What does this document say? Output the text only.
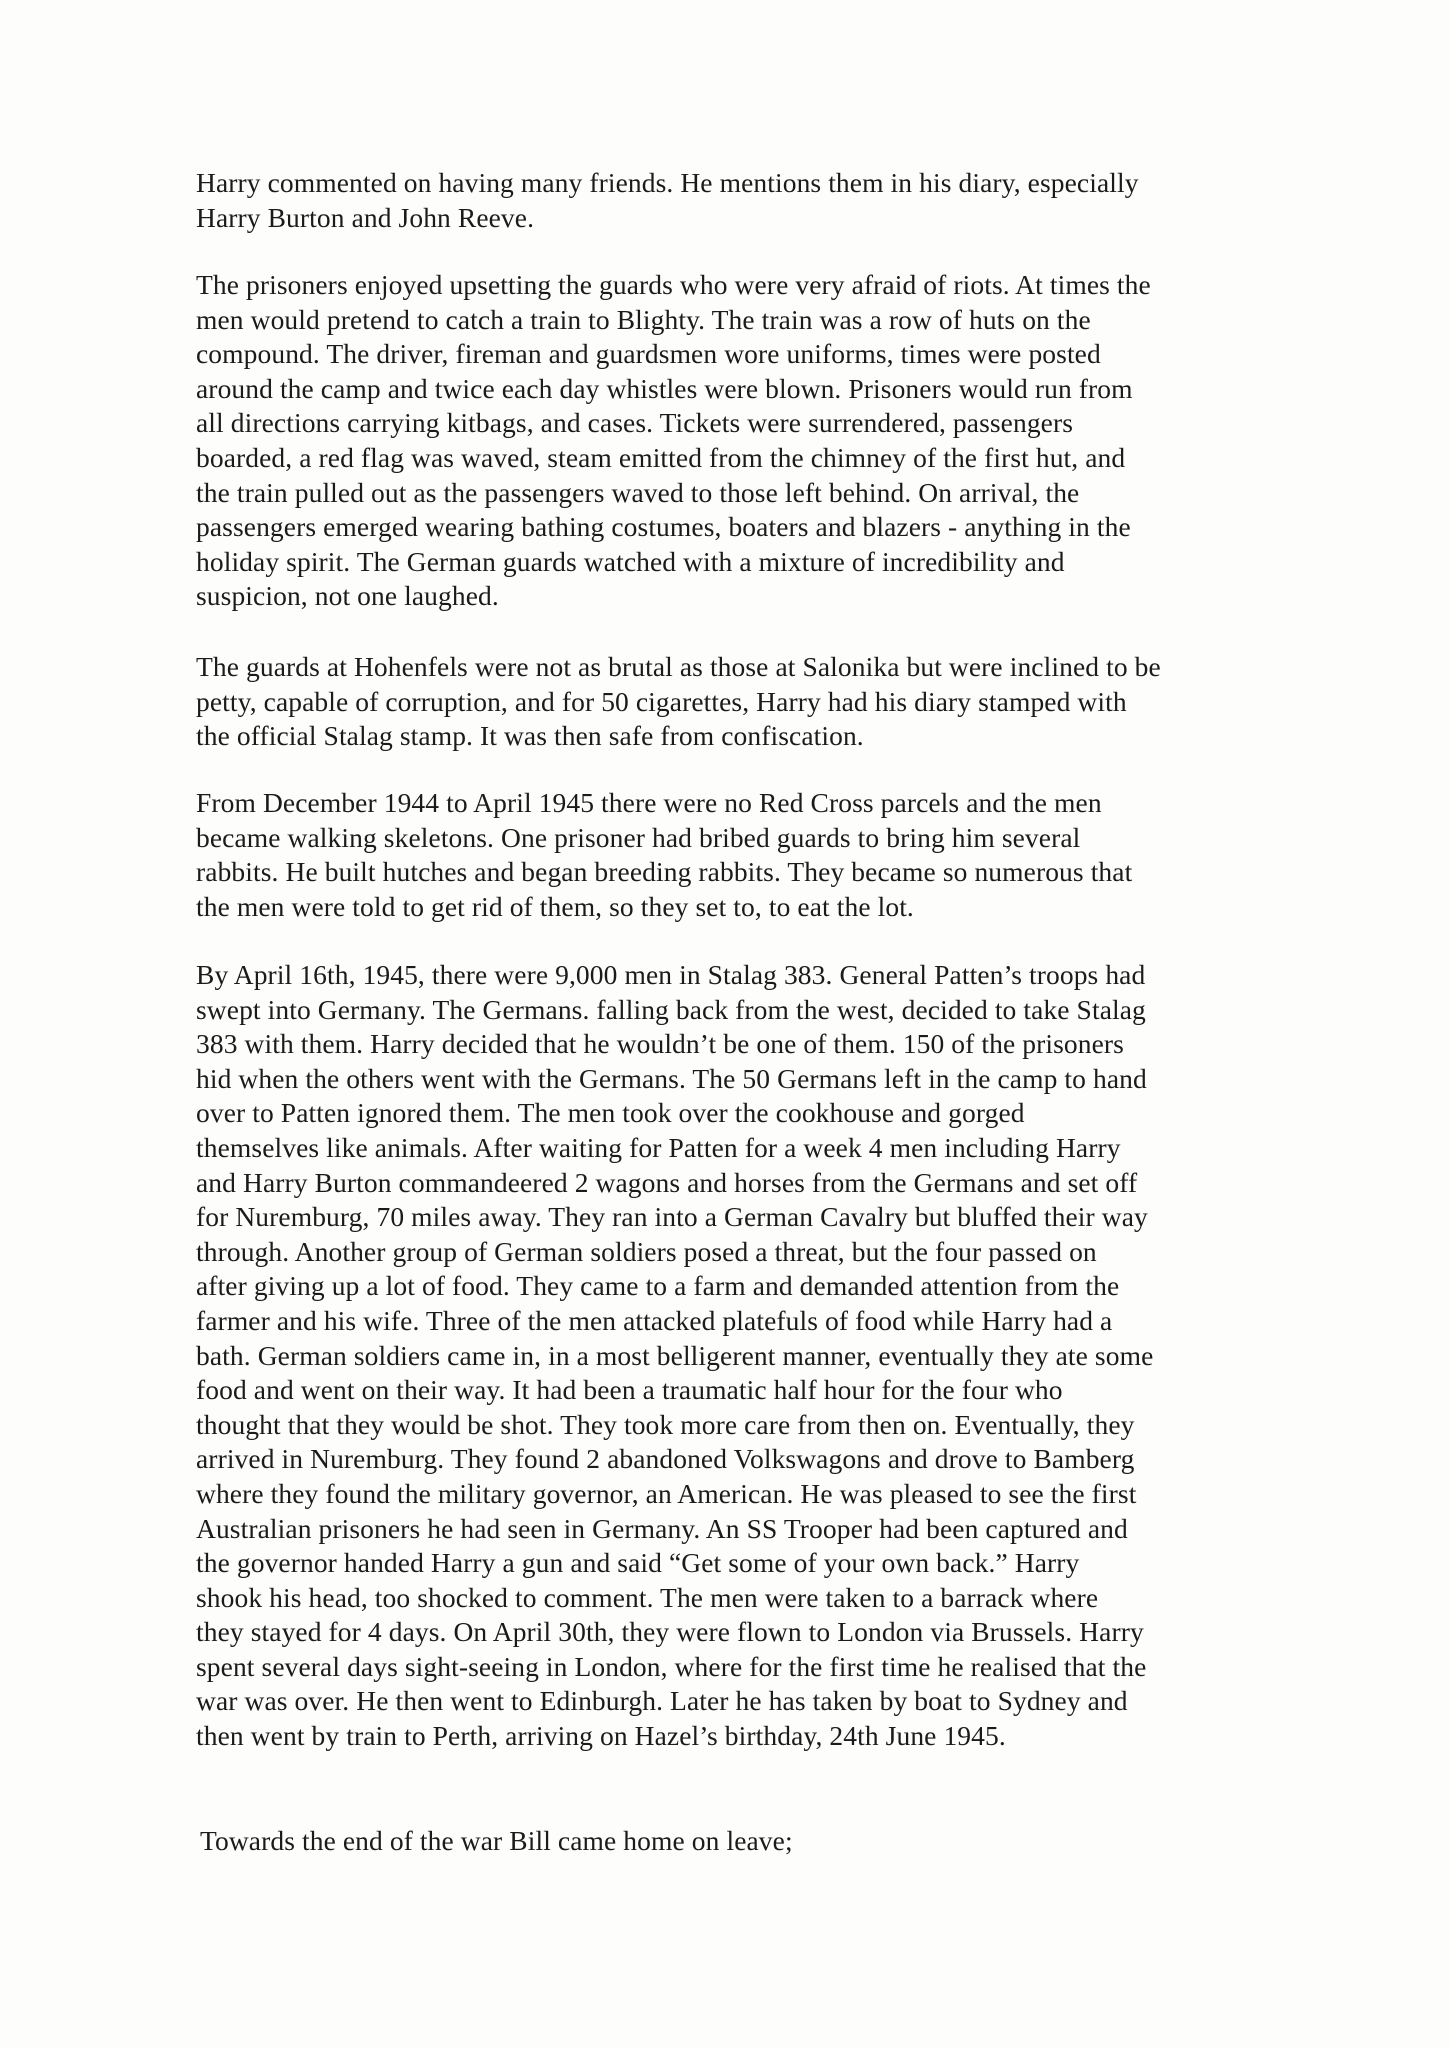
Harry commented on having many friends. He mentions them in his diary, especially
Harry Burton and John Reeve.

The prisoners enjoyed upsetting the guards who were very afraid of riots. At times the
men would pretend to catch a train to Blighty. The train was a row of huts on the
compound. The driver, fireman and guardsmen wore uniforms, times were posted
around the camp and twice each day whistles were blown. Prisoners would run from
all directions carrying kitbags, and cases. Tickets were surrendered, passengers
boarded, a red flag was waved, steam emitted from the chimney of the first hut, and
the train pulled out as the passengers waved to those left behind. On arrival, the
passengers emerged wearing bathing costumes, boaters and blazers - anything in the
holiday spirit. The German guards watched with a mixture of incredibility and
suspicion, not one laughed.

The guards at Hohenfels were not as brutal as those at Salonika but were inclined to be
petty, capable of corruption, and for 50 cigarettes, Harry had his diary stamped with
the official Stalag stamp. It was then safe from confiscation.

From December 1944 to April 1945 there were no Red Cross parcels and the men
became walking skeletons. One prisoner had bribed guards to bring him several
rabbits. He built hutches and began breeding rabbits. They became so numerous that
the men were told to get rid of them, so they set to, to eat the lot.

By April 16th, 1945, there were 9,000 men in Stalag 383. General Patten’s troops had
swept into Germany. The Germans. falling back from the west, decided to take Stalag
383 with them. Harry decided that he wouldn’t be one of them. 150 of the prisoners
hid when the others went with the Germans. The 50 Germans left in the camp to hand
over to Patten ignored them. The men took over the cookhouse and gorged
themselves like animals. After waiting for Patten for a week 4 men including Harry
and Harry Burton commandeered 2 wagons and horses from the Germans and set off
for Nuremburg, 70 miles away. They ran into a German Cavalry but bluffed their way
through. Another group of German soldiers posed a threat, but the four passed on
after giving up a lot of food. They came to a farm and demanded attention from the
farmer and his wife. Three of the men attacked platefuls of food while Harry had a
bath. German soldiers came in, in a most belligerent manner, eventually they ate some
food and went on their way. It had been a traumatic half hour for the four who
thought that they would be shot. They took more care from then on. Eventually, they
arrived in Nuremburg. They found 2 abandoned Volkswagons and drove to Bamberg
where they found the military governor, an American. He was pleased to see the first
Australian prisoners he had seen in Germany. An SS Trooper had been captured and
the governor handed Harry a gun and said “Get some of your own back.” Harry
shook his head, too shocked to comment. The men were taken to a barrack where
they stayed for 4 days. On April 30th, they were flown to London via Brussels. Harry
spent several days sight-seeing in London, where for the first time he realised that the
war was over. He then went to Edinburgh. Later he has taken by boat to Sydney and
then went by train to Perth, arriving on Hazel’s birthday, 24th June 1945.

Towards the end of the war Bill came home on leave;
